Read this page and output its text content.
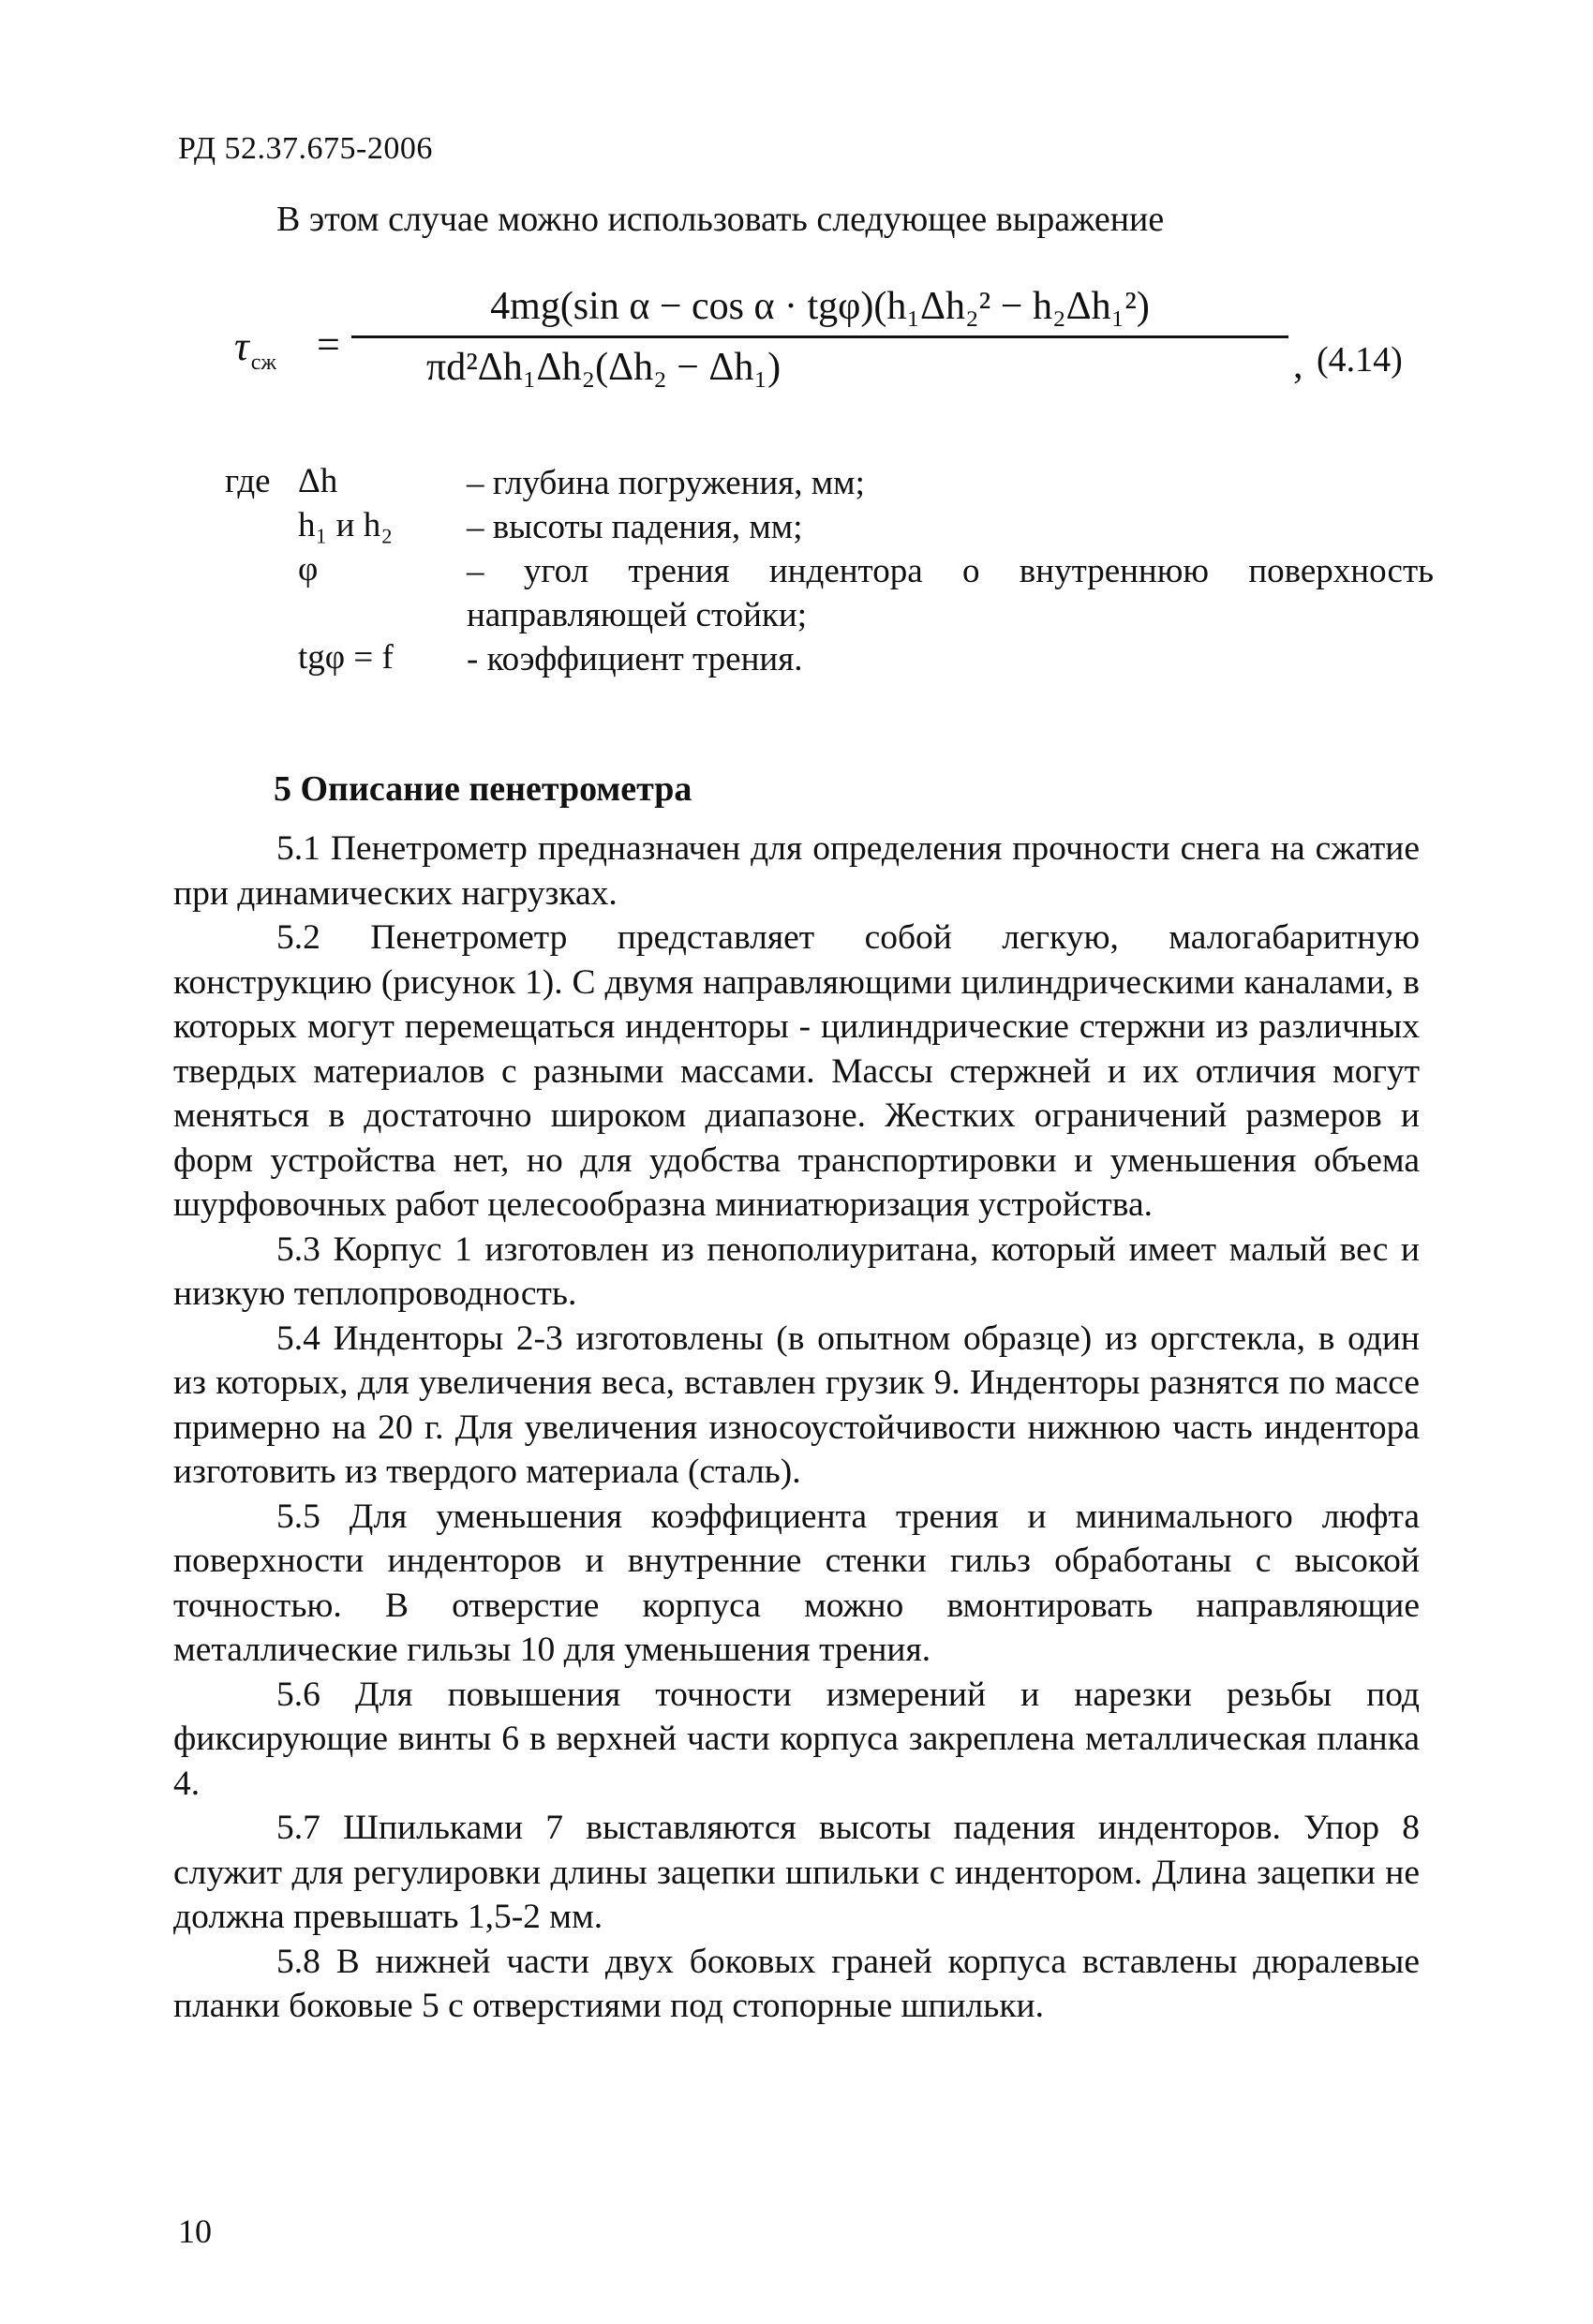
РД 52.37.675-2006
В этом случае можно использовать следующее выражение
$\tau_{сж}$ =
4mg(sin α − cos α · tgφ)(h₁Δh₂² − h₂Δh₁²)
πd²Δh₁Δh₂(Δh₂ − Δh₁)	, (4.14)
где Δh	– глубина погружения, мм;
h₁ и h₂ – высоты падения, мм;
φ	– угол трения индентора о внутреннюю поверхность направляющей стойки;
tgφ = f - коэффициент трения.
5 Описание пенетрометра

5.1 Пенетрометр предназначен для определения прочности снега на сжатие при динамических нагрузках.

5.2 Пенетрометр представляет собой легкую, малогабаритную конструкцию (рисунок 1). С двумя направляющими цилиндрическими каналами, в которых могут перемещаться инденторы - цилиндрические стержни из различных твердых материалов с разными массами. Массы стержней и их отличия могут меняться в достаточно широком диапазоне. Жестких ограничений размеров и форм устройства нет, но для удобства транспортировки и уменьшения объема шурфовочных работ целесообразна миниатюризация устройства.

5.3 Корпус 1 изготовлен из пенополиуритана, который имеет малый вес и низкую теплопроводность.

5.4 Инденторы 2-3 изготовлены (в опытном образце) из оргстекла, в один из которых, для увеличения веса, вставлен грузик 9. Инденторы разнятся по массе примерно на 20 г. Для увеличения износоустойчивости нижнюю часть индентора изготовить из твердого материала (сталь).

5.5 Для уменьшения коэффициента трения и минимального люфта поверхности инденторов и внутренние стенки гильз обработаны с высокой точностью. В отверстие корпуса можно вмонтировать направляющие металлические гильзы 10 для уменьшения трения.

5.6 Для повышения точности измерений и нарезки резьбы под фиксирующие винты 6 в верхней части корпуса закреплена металлическая планка 4.

5.7 Шпильками 7 выставляются высоты падения инденторов. Упор 8 служит для регулировки длины зацепки шпильки с индентором. Длина зацепки не должна превышать 1,5-2 мм.

5.8 В нижней части двух боковых граней корпуса вставлены дюралевые планки боковые 5 с отверстиями под стопорные шпильки.

10
